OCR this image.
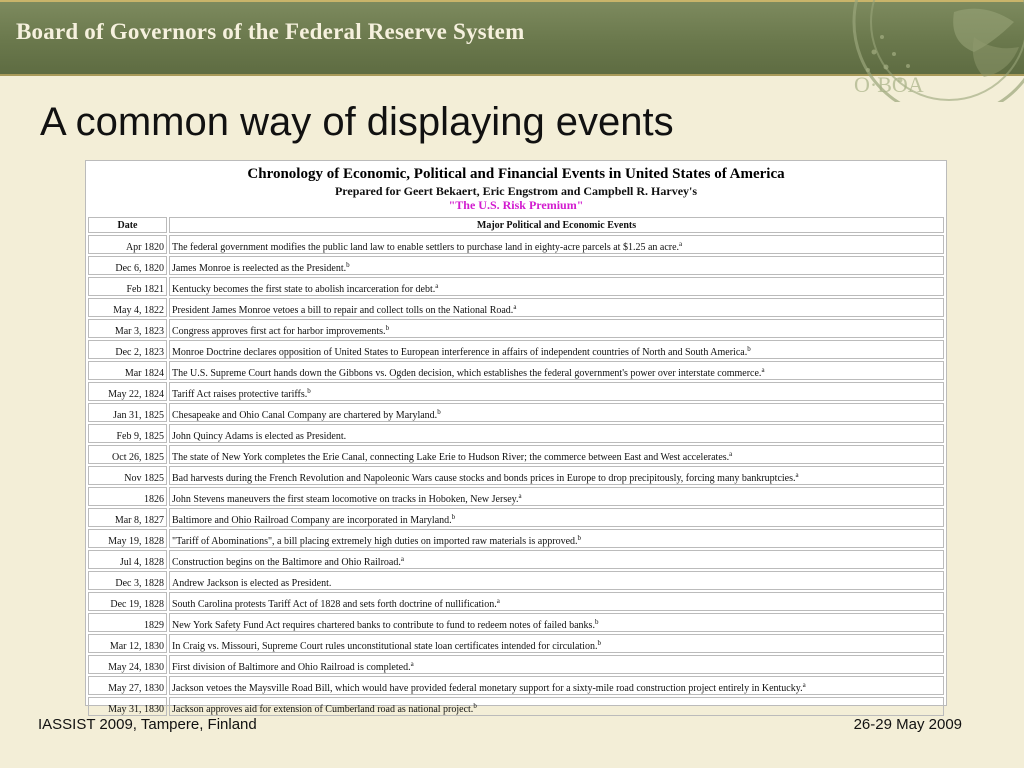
Board of Governors of the Federal Reserve System
O·BOA
A common way of displaying events
Chronology of Economic, Political and Financial Events in United States of America
Prepared for Geert Bekaert, Eric Engstrom and Campbell R. Harvey's
"The U.S. Risk Premium"
Date	Major Political and Economic Events
Apr 1820	The federal government modifies the public land law to enable settlers to purchase land in eighty-acre parcels at $1.25 an acre.$^a$
Dec 6, 1820	James Monroe is reelected as the President.$^b$
Feb 1821	Kentucky becomes the first state to abolish incarceration for debt.$^a$
May 4, 1822	President James Monroe vetoes a bill to repair and collect tolls on the National Road.$^a$
Mar 3, 1823	Congress approves first act for harbor improvements.$^b$
Dec 2, 1823	Monroe Doctrine declares opposition of United States to European interference in affairs of independent countries of North and South America.$^b$
Mar 1824	The U.S. Supreme Court hands down the Gibbons vs. Ogden decision, which establishes the federal government's power over interstate commerce.$^a$
May 22, 1824	Tariff Act raises protective tariffs.$^b$
Jan 31, 1825	Chesapeake and Ohio Canal Company are chartered by Maryland.$^b$
Feb 9, 1825	John Quincy Adams is elected as President.
Oct 26, 1825	The state of New York completes the Erie Canal, connecting Lake Erie to Hudson River; the commerce between East and West accelerates.$^a$
Nov 1825	Bad harvests during the French Revolution and Napoleonic Wars cause stocks and bonds prices in Europe to drop precipitously, forcing many bankruptcies.$^a$
1826	John Stevens maneuvers the first steam locomotive on tracks in Hoboken, New Jersey.$^a$
Mar 8, 1827	Baltimore and Ohio Railroad Company are incorporated in Maryland.$^b$
May 19, 1828	"Tariff of Abominations", a bill placing extremely high duties on imported raw materials is approved.$^b$
Jul 4, 1828	Construction begins on the Baltimore and Ohio Railroad.$^a$
Dec 3, 1828	Andrew Jackson is elected as President.
Dec 19, 1828	South Carolina protests Tariff Act of 1828 and sets forth doctrine of nullification.$^a$
1829	New York Safety Fund Act requires chartered banks to contribute to fund to redeem notes of failed banks.$^b$
Mar 12, 1830	In Craig vs. Missouri, Supreme Court rules unconstitutional state loan certificates intended for circulation.$^b$
May 24, 1830	First division of Baltimore and Ohio Railroad is completed.$^a$
May 27, 1830	Jackson vetoes the Maysville Road Bill, which would have provided federal monetary support for a sixty-mile road construction project entirely in Kentucky.$^a$
May 31, 1830	Jackson approves aid for extension of Cumberland road as national project.$^b$
IASSIST 2009, Tampere, Finland	26-29 May 2009
